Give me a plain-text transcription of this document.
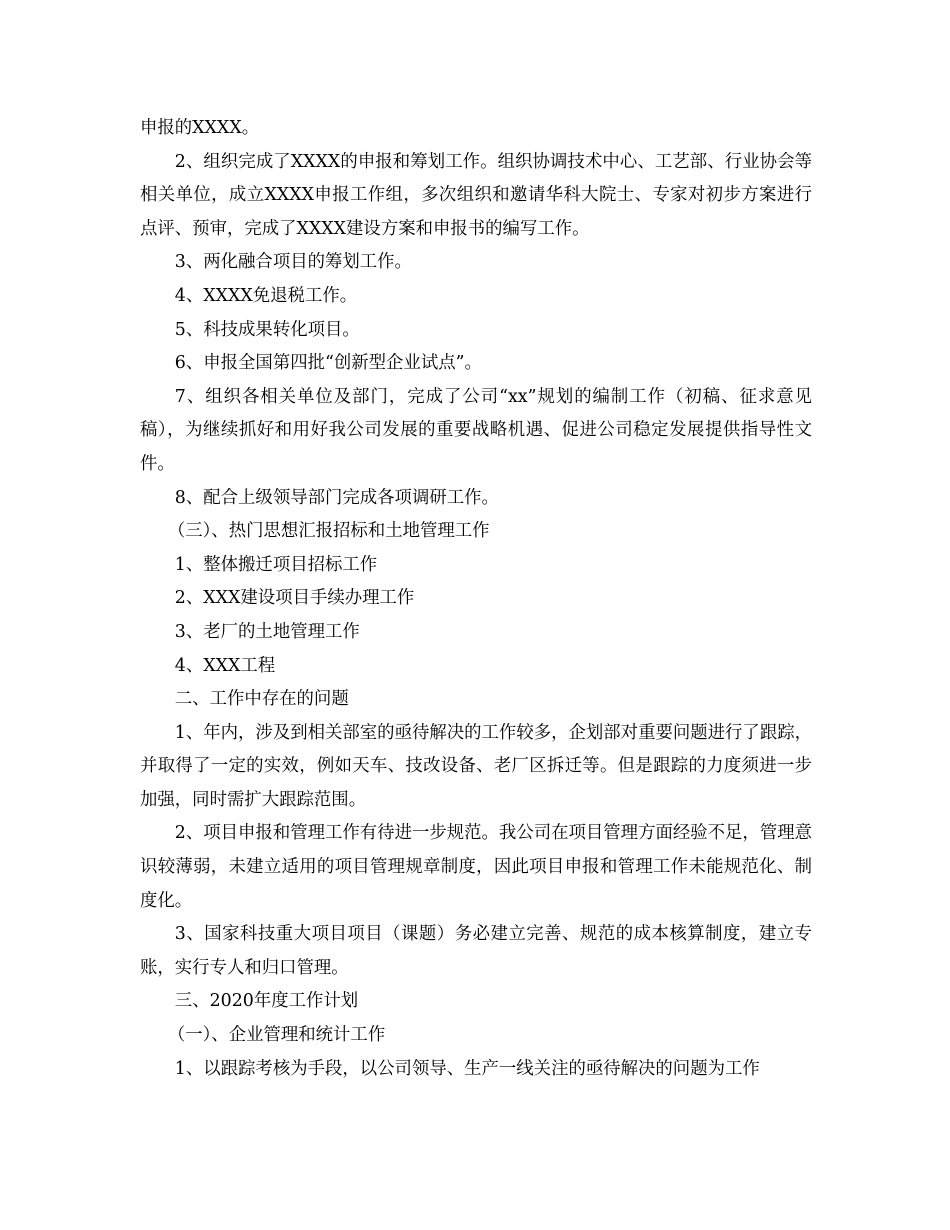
申报的XXXX。

2、组织完成了XXXX的申报和筹划工作。组织协调技术中心、工艺部、行业协会等相关单位，成立XXXX申报工作组，多次组织和邀请华科大院士、专家对初步方案进行点评、预审，完成了XXXX建设方案和申报书的编写工作。

3、两化融合项目的筹划工作。

4、XXXX免退税工作。

5、科技成果转化项目。

6、申报全国第四批“创新型企业试点”。

7、组织各相关单位及部门，完成了公司“xx”规划的编制工作（初稿、征求意见稿），为继续抓好和用好我公司发展的重要战略机遇、促进公司稳定发展提供指导性文件。

8、配合上级领导部门完成各项调研工作。

（三）、热门思想汇报招标和土地管理工作

1、整体搬迁项目招标工作

2、XXX建设项目手续办理工作

3、老厂的土地管理工作

4、XXX工程

二、工作中存在的问题

1、年内，涉及到相关部室的亟待解决的工作较多，企划部对重要问题进行了跟踪，并取得了一定的实效，例如天车、技改设备、老厂区拆迁等。但是跟踪的力度须进一步加强，同时需扩大跟踪范围。

2、项目申报和管理工作有待进一步规范。我公司在项目管理方面经验不足，管理意识较薄弱，未建立适用的项目管理规章制度，因此项目申报和管理工作未能规范化、制度化。

3、国家科技重大项目项目（课题）务必建立完善、规范的成本核算制度，建立专账，实行专人和归口管理。

三、2020年度工作计划

（一）、企业管理和统计工作

1、以跟踪考核为手段，以公司领导、生产一线关注的亟待解决的问题为工作
